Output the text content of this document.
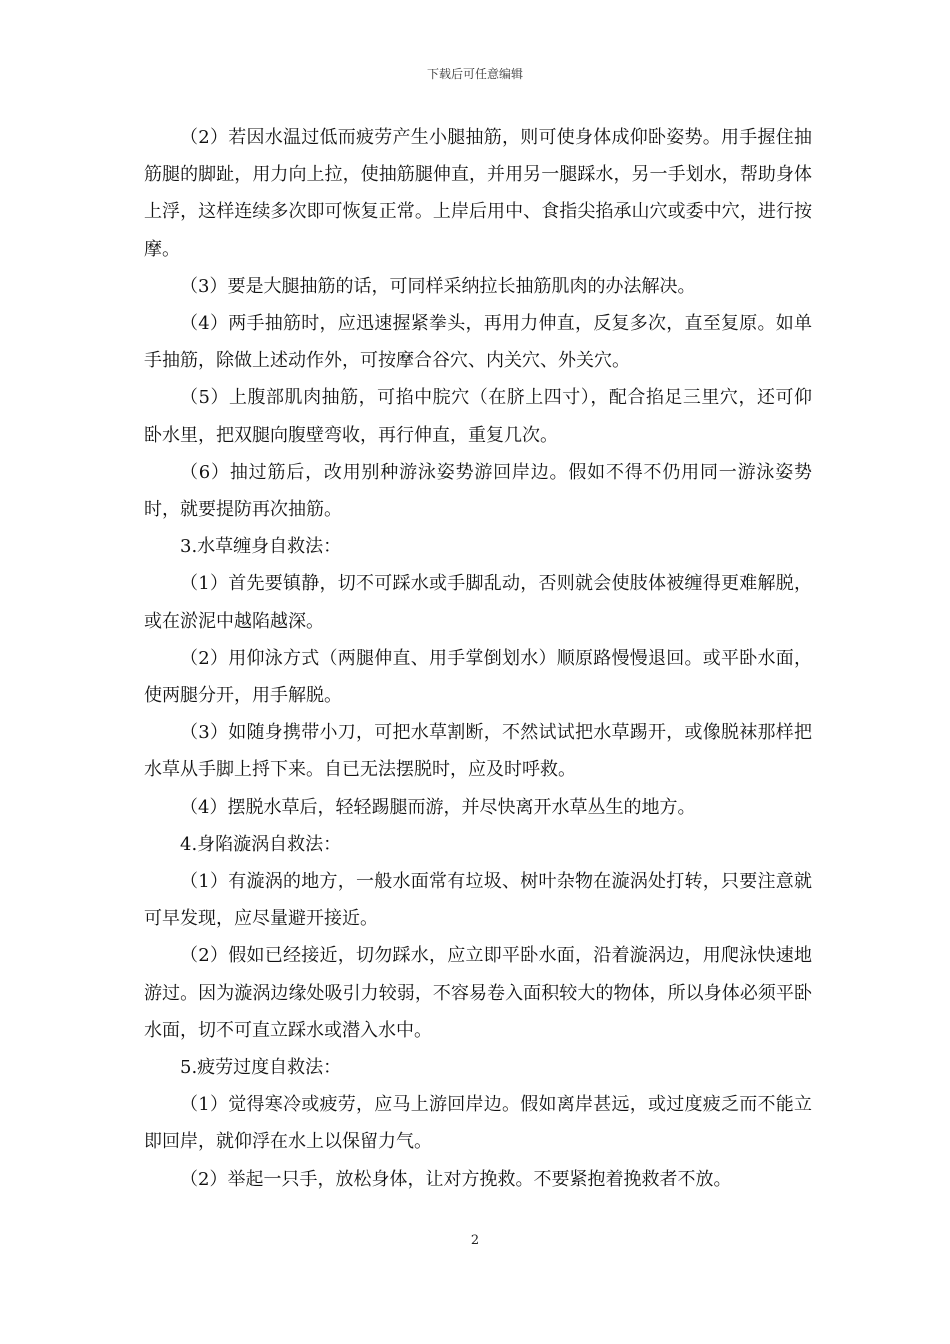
下载后可任意编辑

（2）若因水温过低而疲劳产生小腿抽筋，则可使身体成仰卧姿势。用手握住抽筋腿的脚趾，用力向上拉，使抽筋腿伸直，并用另一腿踩水，另一手划水，帮助身体上浮，这样连续多次即可恢复正常。上岸后用中、食指尖掐承山穴或委中穴，进行按摩。

（3）要是大腿抽筋的话，可同样采纳拉长抽筋肌肉的办法解决。

（4）两手抽筋时，应迅速握紧拳头，再用力伸直，反复多次，直至复原。如单手抽筋，除做上述动作外，可按摩合谷穴、内关穴、外关穴。

（5）上腹部肌肉抽筋，可掐中脘穴（在脐上四寸），配合掐足三里穴，还可仰卧水里，把双腿向腹壁弯收，再行伸直，重复几次。

（6）抽过筋后，改用别种游泳姿势游回岸边。假如不得不仍用同一游泳姿势时，就要提防再次抽筋。

3.水草缠身自救法：

（1）首先要镇静，切不可踩水或手脚乱动，否则就会使肢体被缠得更难解脱，或在淤泥中越陷越深。

（2）用仰泳方式（两腿伸直、用手掌倒划水）顺原路慢慢退回。或平卧水面，使两腿分开，用手解脱。

（3）如随身携带小刀，可把水草割断，不然试试把水草踢开，或像脱袜那样把水草从手脚上捋下来。自已无法摆脱时，应及时呼救。

（4）摆脱水草后，轻轻踢腿而游，并尽快离开水草丛生的地方。

4.身陷漩涡自救法：

（1）有漩涡的地方，一般水面常有垃圾、树叶杂物在漩涡处打转，只要注意就可早发现，应尽量避开接近。

（2）假如已经接近，切勿踩水，应立即平卧水面，沿着漩涡边，用爬泳快速地游过。因为漩涡边缘处吸引力较弱，不容易卷入面积较大的物体，所以身体必须平卧水面，切不可直立踩水或潜入水中。

5.疲劳过度自救法：

（1）觉得寒冷或疲劳，应马上游回岸边。假如离岸甚远，或过度疲乏而不能立即回岸，就仰浮在水上以保留力气。

（2）举起一只手，放松身体，让对方挽救。不要紧抱着挽救者不放。

2
